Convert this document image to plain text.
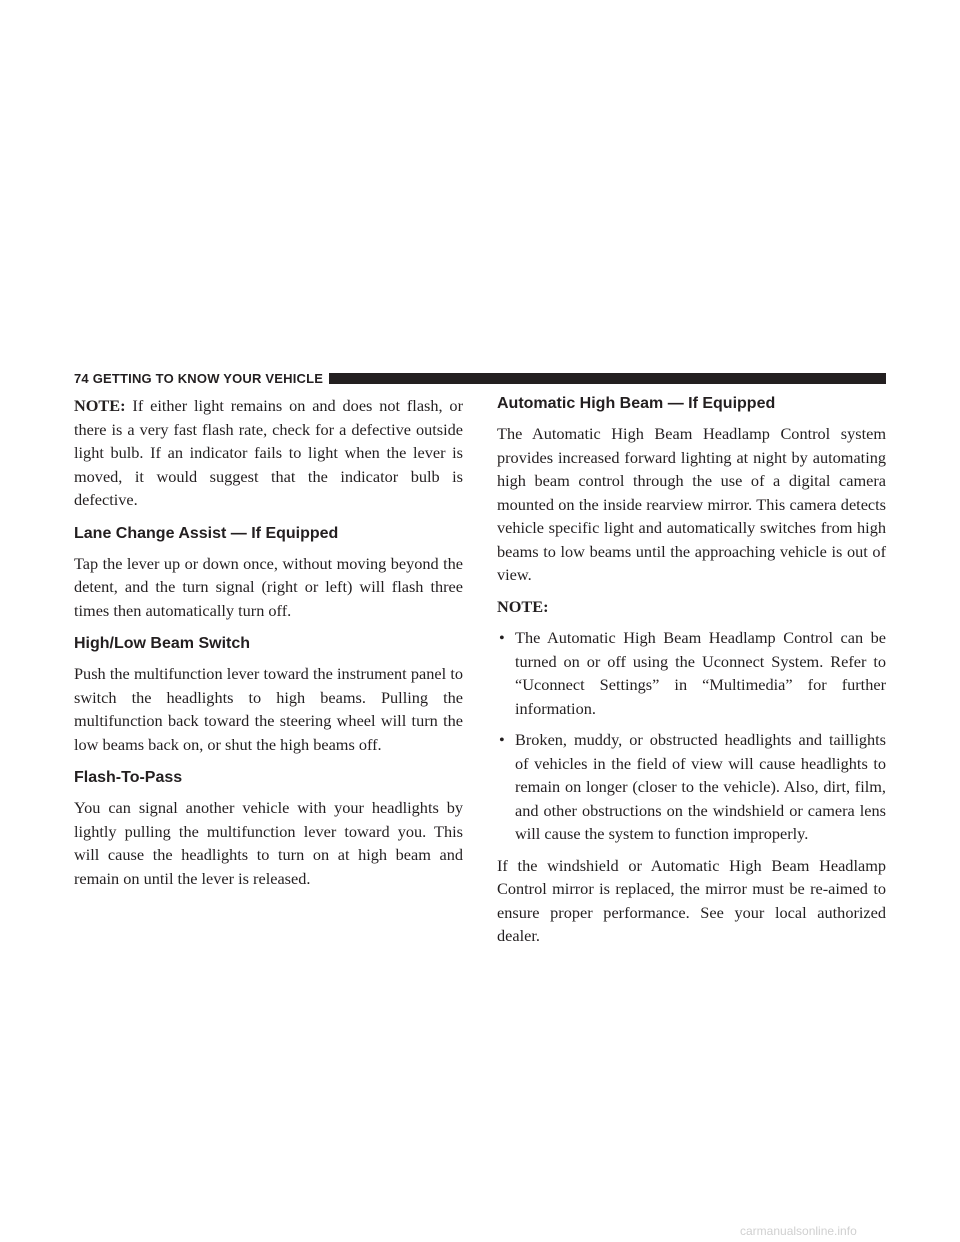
74 GETTING TO KNOW YOUR VEHICLE

NOTE: If either light remains on and does not flash, or there is a very fast flash rate, check for a defective outside light bulb. If an indicator fails to light when the lever is moved, it would suggest that the indicator bulb is defective.

Lane Change Assist — If Equipped

Tap the lever up or down once, without moving beyond the detent, and the turn signal (right or left) will flash three times then automatically turn off.

High/Low Beam Switch

Push the multifunction lever toward the instrument panel to switch the headlights to high beams. Pulling the multifunction back toward the steering wheel will turn the low beams back on, or shut the high beams off.

Flash-To-Pass

You can signal another vehicle with your headlights by lightly pulling the multifunction lever toward you. This will cause the headlights to turn on at high beam and remain on until the lever is released.

Automatic High Beam — If Equipped

The Automatic High Beam Headlamp Control system provides increased forward lighting at night by automating high beam control through the use of a digital camera mounted on the inside rearview mirror. This camera detects vehicle specific light and automatically switches from high beams to low beams until the approaching vehicle is out of view.

NOTE:

• The Automatic High Beam Headlamp Control can be turned on or off using the Uconnect System. Refer to “Uconnect Settings” in “Multimedia” for further information.
• Broken, muddy, or obstructed headlights and taillights of vehicles in the field of view will cause headlights to remain on longer (closer to the vehicle). Also, dirt, film, and other obstructions on the windshield or camera lens will cause the system to function improperly.

If the windshield or Automatic High Beam Headlamp Control mirror is replaced, the mirror must be re-aimed to ensure proper performance. See your local authorized dealer.

carmanualsonline.info
